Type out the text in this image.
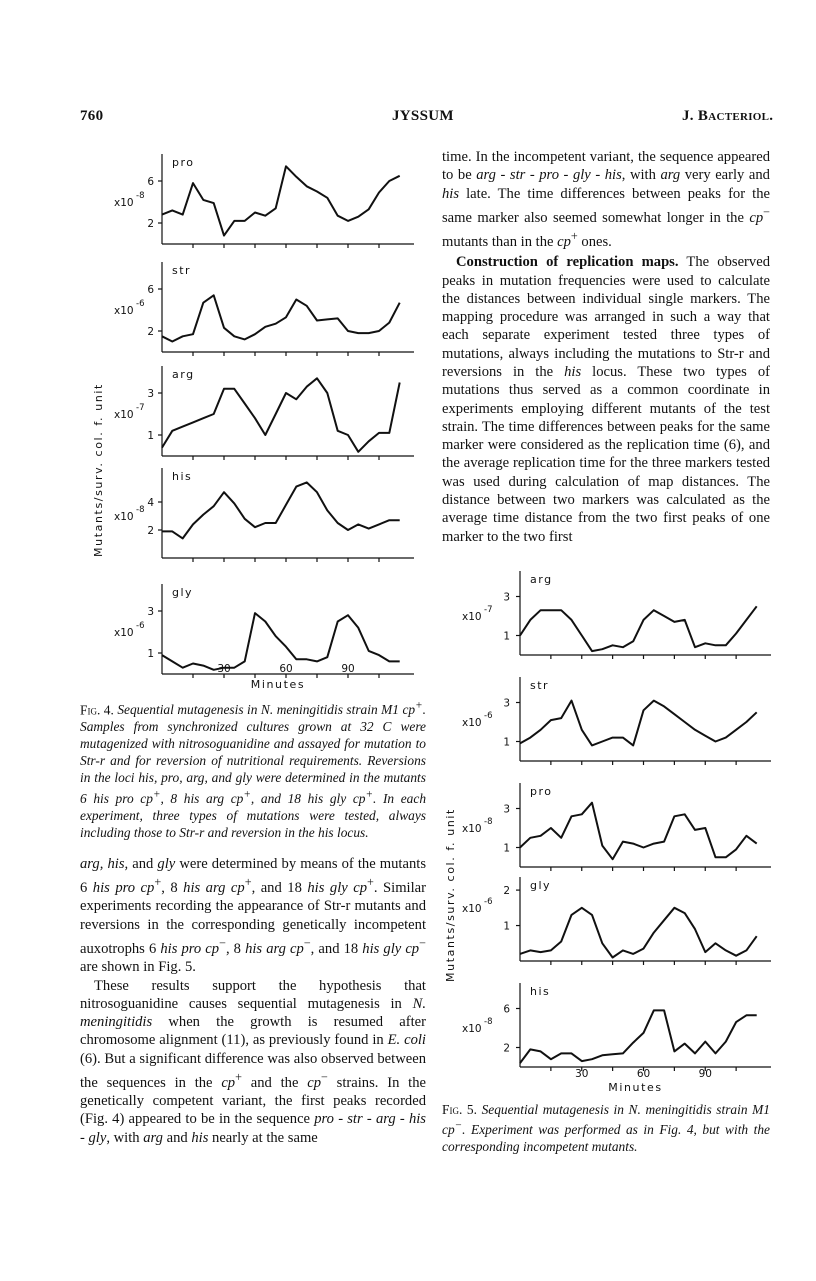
760	JYSSUM	J. Bacteriol.
pro
2
6
x10
-8
str
2
6
x10
-6
arg
1
3
x10
-7
his
2
4
x10
-8
gly
1
3
x10
-6
30	60	90
Minutes
Mutants/surv. col. f. unit
Fig. 4. Sequential mutagenesis in N. meningitidis strain M1 cp+. Samples from synchronized cultures grown at 32 C were mutagenized with nitrosoguanidine and assayed for mutation to Str-r and for reversion of nutritional requirements. Reversions in the loci his, pro, arg, and gly were determined in the mutants 6 his pro cp+, 8 his arg cp+, and 18 his gly cp+. In each experiment, three types of mutations were tested, always including those to Str-r and reversion in the his locus.

arg, his, and gly were determined by means of the mutants 6 his pro cp+, 8 his arg cp+, and 18 his gly cp+. Similar experiments recording the appearance of Str-r mutants and reversions in the corresponding genetically incompetent auxotrophs 6 his pro cp−, 8 his arg cp−, and 18 his gly cp− are shown in Fig. 5.

These results support the hypothesis that nitrosoguanidine causes sequential mutagenesis in N. meningitidis when the growth is resumed after chromosome alignment (11), as previously found in E. coli (6). But a significant difference was also observed between the sequences in the cp+ and the cp− strains. In the genetically competent variant, the first peaks recorded (Fig. 4) appeared to be in the sequence pro - str - arg - his - gly, with arg and his nearly at the same

time. In the incompetent variant, the sequence appeared to be arg - str - pro - gly - his, with arg very early and his late. The time differences between peaks for the same marker also seemed somewhat longer in the cp− mutants than in the cp+ ones.

Construction of replication maps. The observed peaks in mutation frequencies were used to calculate the distances between individual single markers. The mapping procedure was arranged in such a way that each separate experiment tested three types of mutations, always including the mutations to Str-r and reversions in the his locus. These two types of mutations thus served as a common coordinate in experiments employing different mutants of the test strain. The time differences between peaks for the same marker were considered as the replication time (6), and the average replication time for the three markers tested was used during calculation of map distances. The distance between two markers was calculated as the average time distance from the two first peaks of one marker to the two first

arg
1
3
x10
-7
str
1
3
x10
-6
pro
1
3
x10
-8
gly
1
2
x10
-6
his
2
6
x10
-8
30	60	90
Minutes
Mutants/surv. col. f. unit
Fig. 5. Sequential mutagenesis in N. meningitidis strain M1 cp−. Experiment was performed as in Fig. 4, but with the corresponding incompetent mutants.
